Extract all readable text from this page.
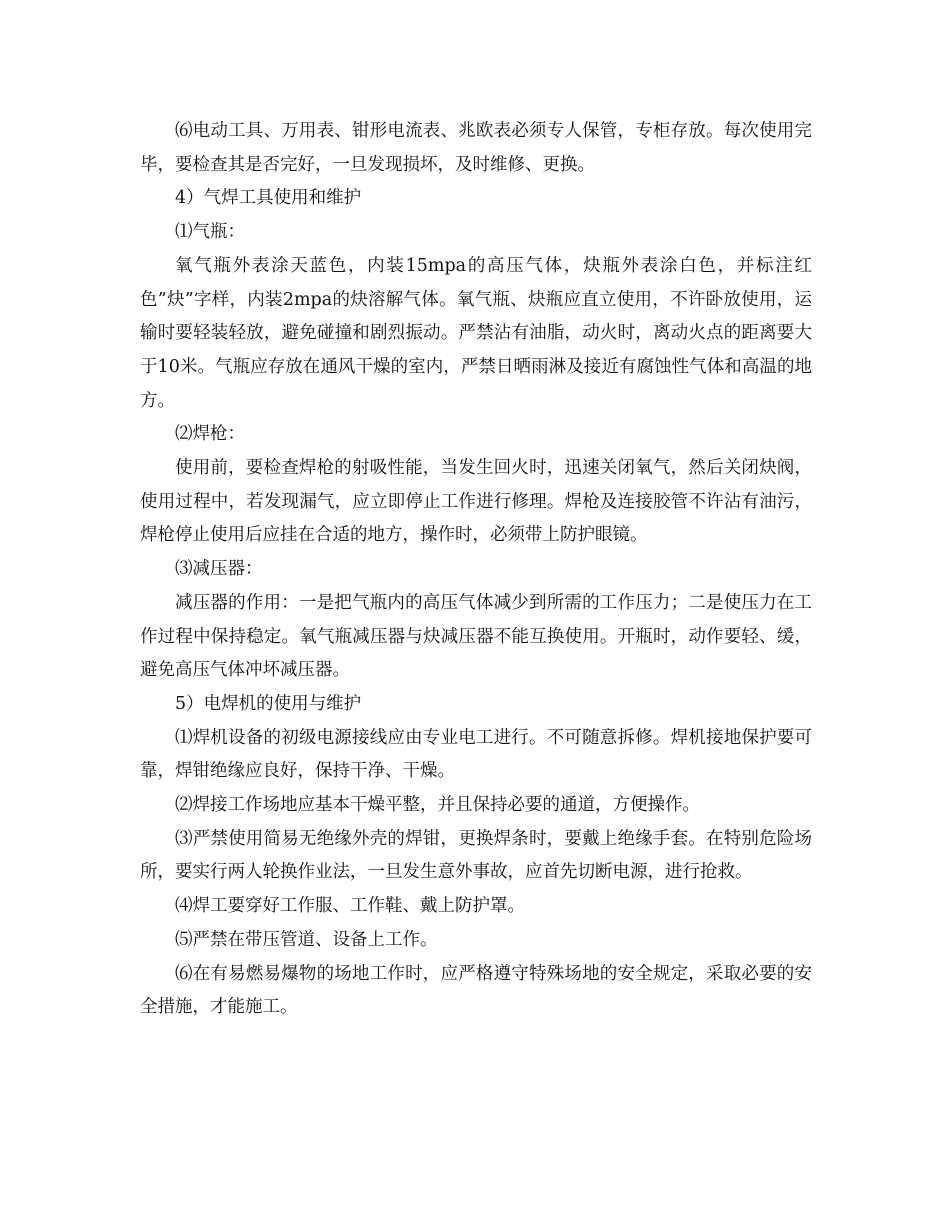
⑹电动工具、万用表、钳形电流表、兆欧表必须专人保管，专柜存放。每次使用完毕，要检查其是否完好，一旦发现损坏，及时维修、更换。

4）气焊工具使用和维护

⑴气瓶：

氧气瓶外表涂天蓝色，内装15mpa的高压气体，炔瓶外表涂白色，并标注红色”炔”字样，内装2mpa的炔溶解气体。氧气瓶、炔瓶应直立使用，不许卧放使用，运输时要轻装轻放，避免碰撞和剧烈振动。严禁沾有油脂，动火时，离动火点的距离要大于10米。气瓶应存放在通风干燥的室内，严禁日晒雨淋及接近有腐蚀性气体和高温的地方。

⑵焊枪：

使用前，要检查焊枪的射吸性能，当发生回火时，迅速关闭氧气，然后关闭炔阀，使用过程中，若发现漏气，应立即停止工作进行修理。焊枪及连接胶管不许沾有油污，焊枪停止使用后应挂在合适的地方，操作时，必须带上防护眼镜。

⑶减压器：

减压器的作用：一是把气瓶内的高压气体减少到所需的工作压力；二是使压力在工作过程中保持稳定。氧气瓶减压器与炔减压器不能互换使用。开瓶时，动作要轻、缓，避免高压气体冲坏减压器。

5）电焊机的使用与维护

⑴焊机设备的初级电源接线应由专业电工进行。不可随意拆修。焊机接地保护要可靠，焊钳绝缘应良好，保持干净、干燥。

⑵焊接工作场地应基本干燥平整，并且保持必要的通道，方便操作。

⑶严禁使用简易无绝缘外壳的焊钳，更换焊条时，要戴上绝缘手套。在特别危险场所，要实行两人轮换作业法，一旦发生意外事故，应首先切断电源，进行抢救。

⑷焊工要穿好工作服、工作鞋、戴上防护罩。

⑸严禁在带压管道、设备上工作。

⑹在有易燃易爆物的场地工作时，应严格遵守特殊场地的安全规定，采取必要的安全措施，才能施工。
